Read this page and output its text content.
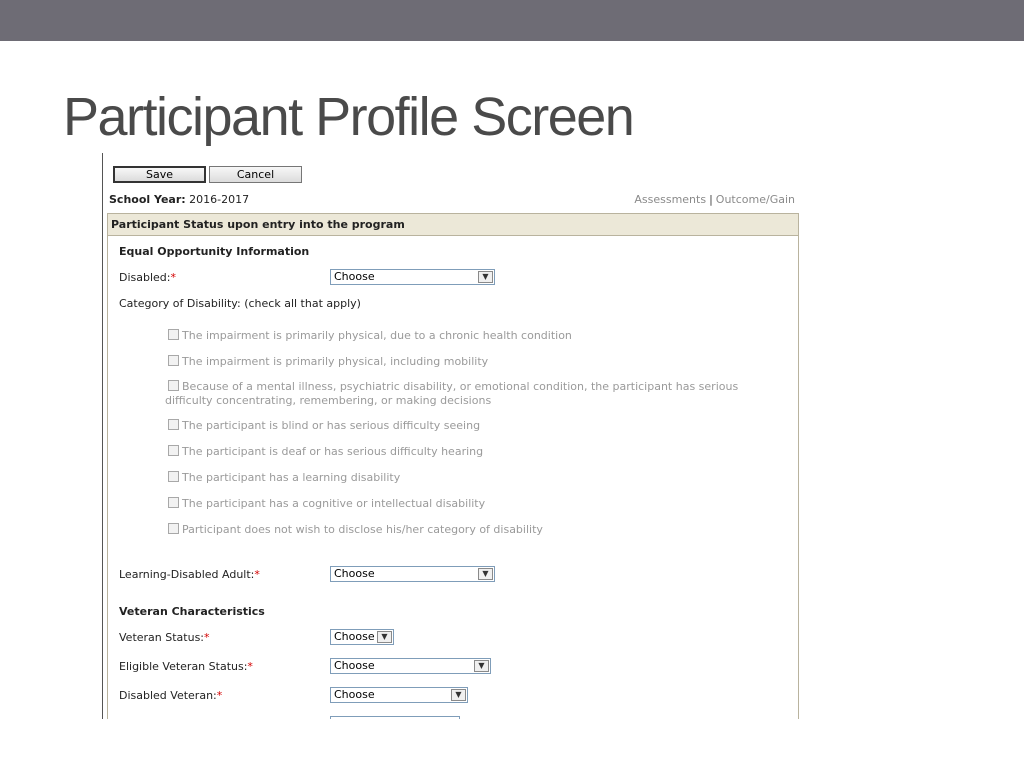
Participant Profile Screen
Save	Cancel
School Year: 2016-2017	Assessments | Outcome/Gain
Participant Status upon entry into the program
Equal Opportunity Information
Disabled:*	Choose	▼
Category of Disability: (check all that apply)
The impairment is primarily physical, due to a chronic health condition
The impairment is primarily physical, including mobility
Because of a mental illness, psychiatric disability, or emotional condition, the participant has serious difficulty concentrating, remembering, or making decisions
The participant is blind or has serious difficulty seeing
The participant is deaf or has serious difficulty hearing
The participant has a learning disability
The participant has a cognitive or intellectual disability
Participant does not wish to disclose his/her category of disability
Learning-Disabled Adult:*	Choose	▼
Veteran Characteristics
Veteran Status:*	Choose ▼
Eligible Veteran Status:*	Choose	▼
Disabled Veteran:*	Choose	▼
